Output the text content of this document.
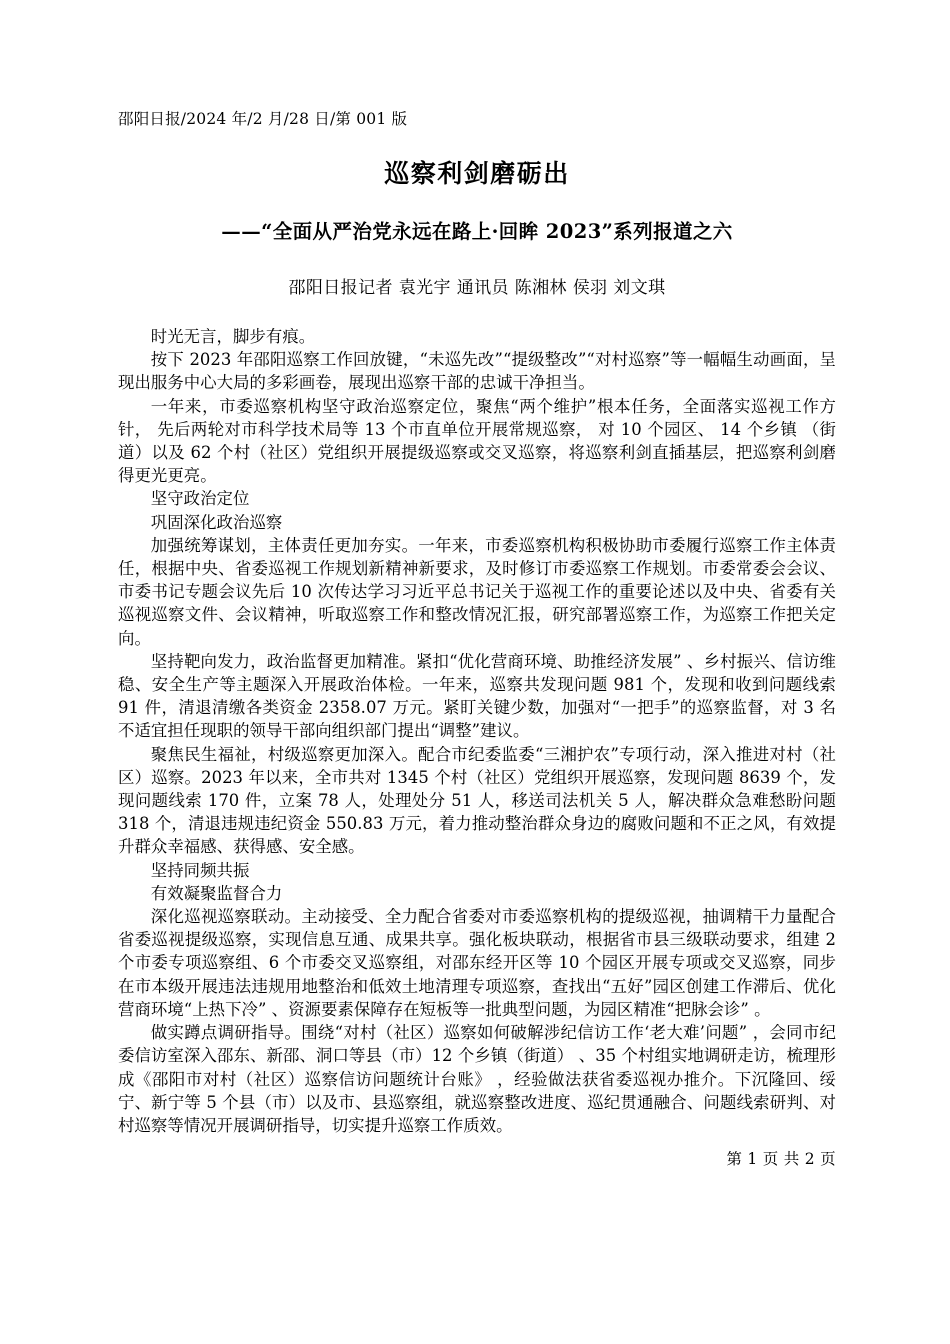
邵阳日报/2024 年/2 月/28 日/第 001 版
巡察利剑磨砺出
——“全面从严治党永远在路上·回眸 2023”系列报道之六
邵阳日报记者 袁光宇 通讯员 陈湘林 侯羽 刘文琪

时光无言，脚步有痕。

按下 2023 年邵阳巡察工作回放键，“未巡先改”“提级整改”“对村巡察”等一幅幅生动画面，呈现出服务中心大局的多彩画卷，展现出巡察干部的忠诚干净担当。

一年来，市委巡察机构坚守政治巡察定位，聚焦“两个维护”根本任务，全面落实巡视工作方针， 先后两轮对市科学技术局等 13 个市直单位开展常规巡察， 对 10 个园区、 14 个乡镇 （街道）以及 62 个村（社区）党组织开展提级巡察或交叉巡察，将巡察利剑直插基层，把巡察利剑磨得更光更亮。

坚守政治定位

巩固深化政治巡察

加强统筹谋划，主体责任更加夯实。一年来，市委巡察机构积极协助市委履行巡察工作主体责任，根据中央、省委巡视工作规划新精神新要求，及时修订市委巡察工作规划。市委常委会会议、市委书记专题会议先后 10 次传达学习习近平总书记关于巡视工作的重要论述以及中央、省委有关巡视巡察文件、会议精神，听取巡察工作和整改情况汇报，研究部署巡察工作，为巡察工作把关定向。

坚持靶向发力，政治监督更加精准。紧扣“优化营商环境、助推经济发展” 、乡村振兴、信访维稳、安全生产等主题深入开展政治体检。一年来，巡察共发现问题 981 个，发现和收到问题线索 91 件，清退清缴各类资金 2358.07 万元。紧盯关键少数，加强对“一把手”的巡察监督，对 3 名不适宜担任现职的领导干部向组织部门提出“调整”建议。

聚焦民生福祉，村级巡察更加深入。配合市纪委监委“三湘护农”专项行动，深入推进对村（社区）巡察。2023 年以来，全市共对 1345 个村（社区）党组织开展巡察，发现问题 8639 个，发现问题线索 170 件，立案 78 人，处理处分 51 人，移送司法机关 5 人，解决群众急难愁盼问题 318 个，清退违规违纪资金 550.83 万元，着力推动整治群众身边的腐败问题和不正之风，有效提升群众幸福感、获得感、安全感。

坚持同频共振

有效凝聚监督合力

深化巡视巡察联动。主动接受、全力配合省委对市委巡察机构的提级巡视，抽调精干力量配合省委巡视提级巡察，实现信息互通、成果共享。强化板块联动，根据省市县三级联动要求，组建 2 个市委专项巡察组、6 个市委交叉巡察组，对邵东经开区等 10 个园区开展专项或交叉巡察，同步在市本级开展违法违规用地整治和低效土地清理专项巡察，查找出“五好”园区创建工作滞后、优化营商环境“上热下冷” 、资源要素保障存在短板等一批典型问题，为园区精准“把脉会诊” 。

做实蹲点调研指导。围绕“对村（社区）巡察如何破解涉纪信访工作‘老大难’问题” ，会同市纪委信访室深入邵东、新邵、洞口等县（市）12 个乡镇（街道） 、35 个村组实地调研走访，梳理形成《邵阳市对村（社区）巡察信访问题统计台账》 ，经验做法获省委巡视办推介。下沉隆回、绥宁、新宁等 5 个县（市）以及市、县巡察组，就巡察整改进度、巡纪贯通融合、问题线索研判、对村巡察等情况开展调研指导，切实提升巡察工作质效。

第 1 页 共 2 页
